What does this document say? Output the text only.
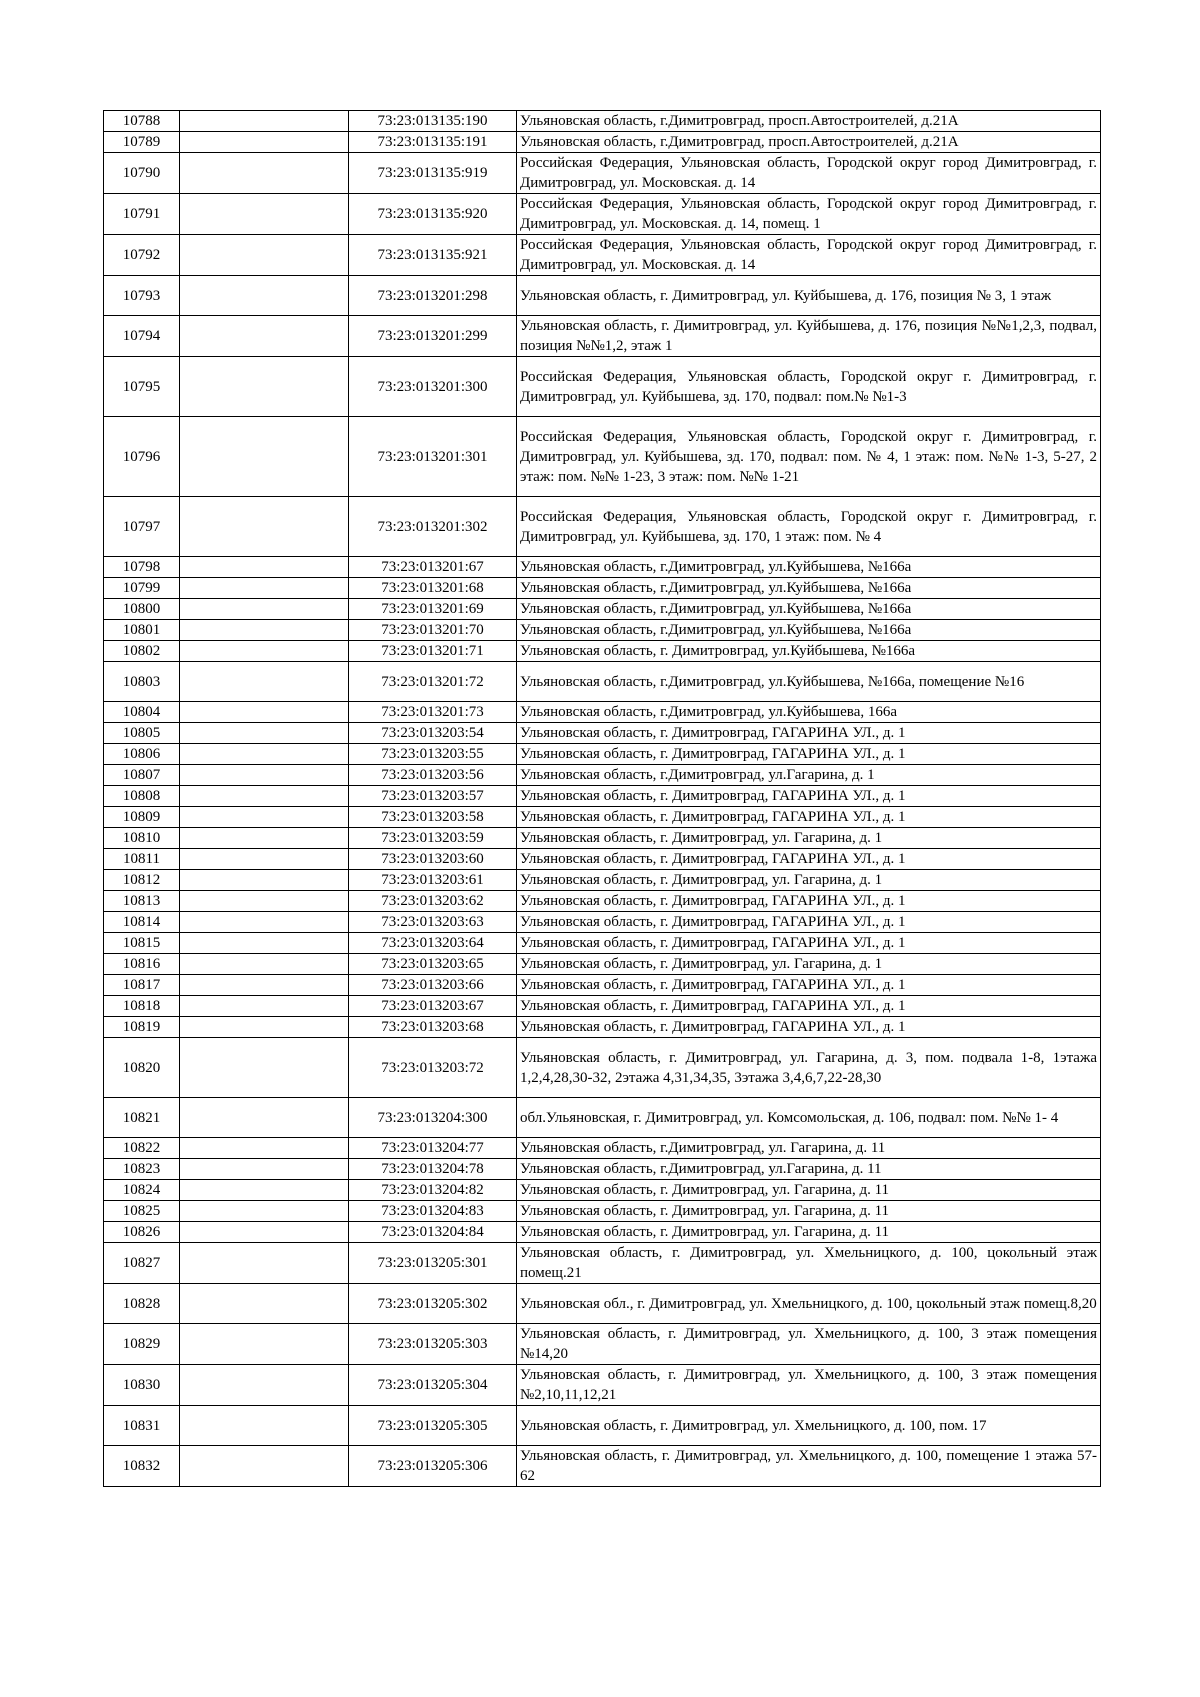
10788		73:23:013135:190	Ульяновская область, г.Димитровград, просп.Автостроителей, д.21А
10789		73:23:013135:191	Ульяновская область, г.Димитровград, просп.Автостроителей, д.21А
10790		73:23:013135:919	Российская Федерация, Ульяновская область, Городской округ город Димитровград, г. Димитровград, ул. Московская. д. 14
10791		73:23:013135:920	Российская Федерация, Ульяновская область, Городской округ город Димитровград, г. Димитровград, ул. Московская. д. 14, помещ. 1
10792		73:23:013135:921	Российская Федерация, Ульяновская область, Городской округ город Димитровград, г. Димитровград, ул. Московская. д. 14
10793		73:23:013201:298	Ульяновская область, г. Димитровград, ул. Куйбышева, д. 176, позиция № 3, 1 этаж
10794		73:23:013201:299	Ульяновская область, г. Димитровград, ул. Куйбышева, д. 176, позиция №№1,2,3, подвал, позиция №№1,2, этаж 1
10795		73:23:013201:300	Российская Федерация, Ульяновская область, Городской округ г. Димитровград, г. Димитровград, ул. Куйбышева, зд. 170, подвал: пом.№ №1-3
10796		73:23:013201:301	Российская Федерация, Ульяновская область, Городской округ г. Димитровград, г. Димитровград, ул. Куйбышева, зд. 170, подвал: пом. № 4, 1 этаж: пом. №№ 1-3, 5-27, 2 этаж: пом. №№ 1-23, 3 этаж: пом. №№ 1-21
10797		73:23:013201:302	Российская Федерация, Ульяновская область, Городской округ г. Димитровград, г. Димитровград, ул. Куйбышева, зд. 170, 1 этаж: пом. № 4
10798		73:23:013201:67	Ульяновская область, г.Димитровград, ул.Куйбышева, №166а
10799		73:23:013201:68	Ульяновская область, г.Димитровград, ул.Куйбышева, №166а
10800		73:23:013201:69	Ульяновская область, г.Димитровград, ул.Куйбышева, №166а
10801		73:23:013201:70	Ульяновская область, г.Димитровград, ул.Куйбышева, №166а
10802		73:23:013201:71	Ульяновская область, г. Димитровград, ул.Куйбышева, №166а
10803		73:23:013201:72	Ульяновская область, г.Димитровград, ул.Куйбышева, №166а, помещение №16
10804		73:23:013201:73	Ульяновская область, г.Димитровград, ул.Куйбышева, 166а
10805		73:23:013203:54	Ульяновская область, г. Димитровград, ГАГАРИНА УЛ., д. 1
10806		73:23:013203:55	Ульяновская область, г. Димитровград, ГАГАРИНА УЛ., д. 1
10807		73:23:013203:56	Ульяновская область, г.Димитровград, ул.Гагарина, д. 1
10808		73:23:013203:57	Ульяновская область, г. Димитровград, ГАГАРИНА УЛ., д. 1
10809		73:23:013203:58	Ульяновская область, г. Димитровград, ГАГАРИНА УЛ., д. 1
10810		73:23:013203:59	Ульяновская область, г. Димитровград, ул. Гагарина, д. 1
10811		73:23:013203:60	Ульяновская область, г. Димитровград, ГАГАРИНА УЛ., д. 1
10812		73:23:013203:61	Ульяновская область, г. Димитровград, ул. Гагарина, д. 1
10813		73:23:013203:62	Ульяновская область, г. Димитровград, ГАГАРИНА УЛ., д. 1
10814		73:23:013203:63	Ульяновская область, г. Димитровград, ГАГАРИНА УЛ., д. 1
10815		73:23:013203:64	Ульяновская область, г. Димитровград, ГАГАРИНА УЛ., д. 1
10816		73:23:013203:65	Ульяновская область, г. Димитровград, ул. Гагарина, д. 1
10817		73:23:013203:66	Ульяновская область, г. Димитровград, ГАГАРИНА УЛ., д. 1
10818		73:23:013203:67	Ульяновская область, г. Димитровград, ГАГАРИНА УЛ., д. 1
10819		73:23:013203:68	Ульяновская область, г. Димитровград, ГАГАРИНА УЛ., д. 1
10820		73:23:013203:72	Ульяновская область, г. Димитровград, ул. Гагарина, д. 3, пом. подвала 1-8, 1этажа 1,2,4,28,30-32, 2этажа 4,31,34,35, 3этажа 3,4,6,7,22-28,30
10821		73:23:013204:300	обл.Ульяновская, г. Димитровград, ул. Комсомольская, д. 106, подвал: пом. №№ 1- 4
10822		73:23:013204:77	Ульяновская область, г.Димитровград, ул. Гагарина, д. 11
10823		73:23:013204:78	Ульяновская область, г.Димитровград, ул.Гагарина, д. 11
10824		73:23:013204:82	Ульяновская область, г. Димитровград, ул. Гагарина, д. 11
10825		73:23:013204:83	Ульяновская область, г. Димитровград, ул. Гагарина, д. 11
10826		73:23:013204:84	Ульяновская область, г. Димитровград, ул. Гагарина, д. 11
10827		73:23:013205:301	Ульяновская область, г. Димитровград, ул. Хмельницкого, д. 100, цокольный этаж помещ.21
10828		73:23:013205:302	Ульяновская обл., г. Димитровград, ул. Хмельницкого, д. 100, цокольный этаж помещ.8,20
10829		73:23:013205:303	Ульяновская область, г. Димитровград, ул. Хмельницкого, д. 100, 3 этаж помещения №14,20
10830		73:23:013205:304	Ульяновская область, г. Димитровград, ул. Хмельницкого, д. 100, 3 этаж помещения №2,10,11,12,21
10831		73:23:013205:305	Ульяновская область, г. Димитровград, ул. Хмельницкого, д. 100, пом. 17
10832		73:23:013205:306	Ульяновская область, г. Димитровград, ул. Хмельницкого, д. 100, помещение 1 этажа 57-62
